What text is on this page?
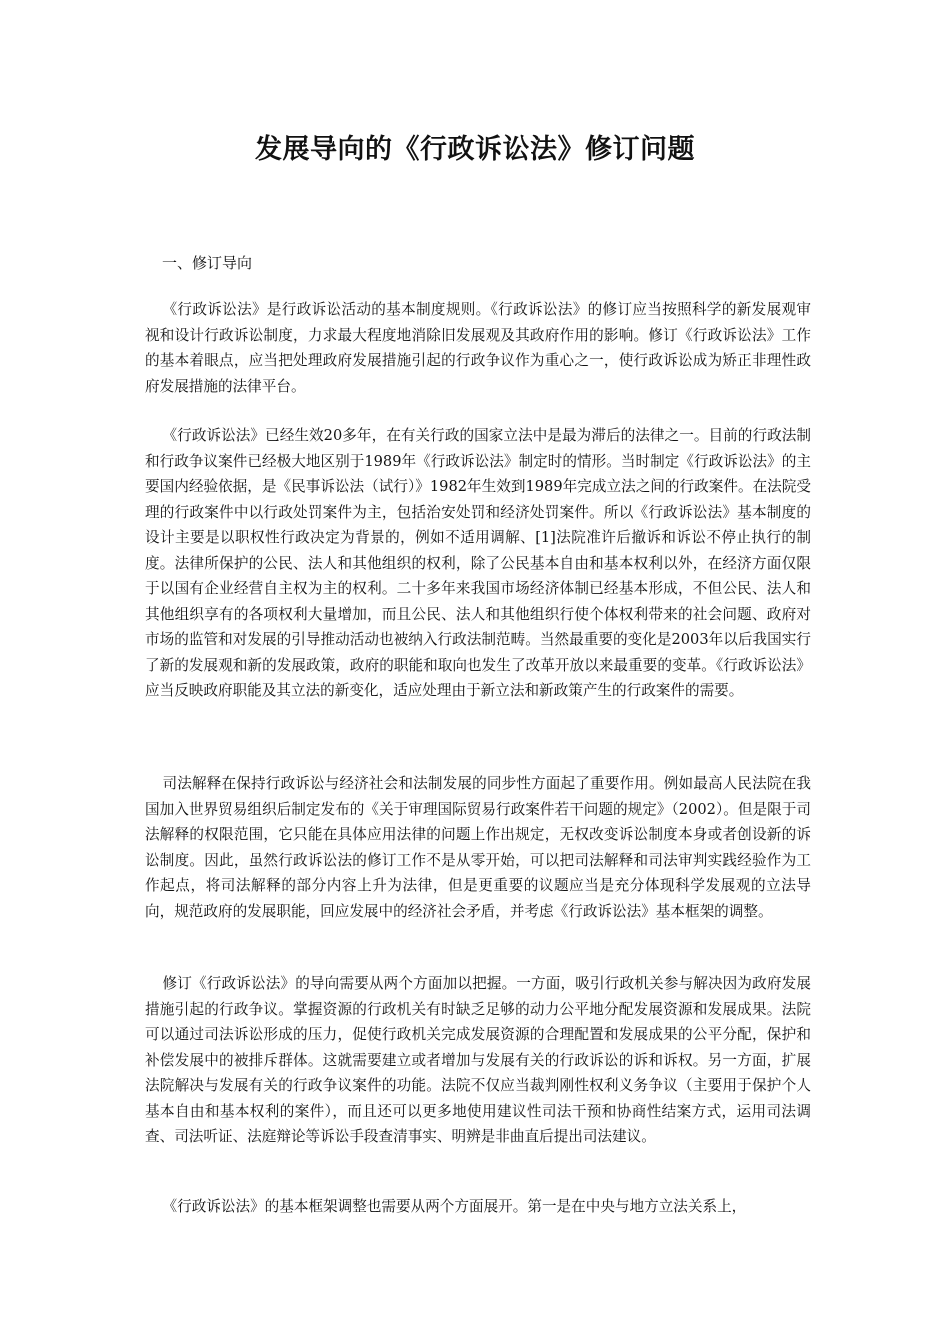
发展导向的《行政诉讼法》修订问题
一、修订导向

《行政诉讼法》是行政诉讼活动的基本制度规则。《行政诉讼法》的修订应当按照科学的新发展观审视和设计行政诉讼制度，力求最大程度地消除旧发展观及其政府作用的影响。修订《行政诉讼法》工作的基本着眼点，应当把处理政府发展措施引起的行政争议作为重心之一，使行政诉讼成为矫正非理性政府发展措施的法律平台。

《行政诉讼法》已经生效20多年，在有关行政的国家立法中是最为滞后的法律之一。目前的行政法制和行政争议案件已经极大地区别于1989年《行政诉讼法》制定时的情形。当时制定《行政诉讼法》的主要国内经验依据，是《民事诉讼法（试行）》1982年生效到1989年完成立法之间的行政案件。在法院受理的行政案件中以行政处罚案件为主，包括治安处罚和经济处罚案件。所以《行政诉讼法》基本制度的设计主要是以职权性行政决定为背景的，例如不适用调解、[1]法院准许后撤诉和诉讼不停止执行的制度。法律所保护的公民、法人和其他组织的权利，除了公民基本自由和基本权利以外，在经济方面仅限于以国有企业经营自主权为主的权利。二十多年来我国市场经济体制已经基本形成，不但公民、法人和其他组织享有的各项权利大量增加，而且公民、法人和其他组织行使个体权利带来的社会问题、政府对市场的监管和对发展的引导推动活动也被纳入行政法制范畴。当然最重要的变化是2003年以后我国实行了新的发展观和新的发展政策，政府的职能和取向也发生了改革开放以来最重要的变革。《行政诉讼法》应当反映政府职能及其立法的新变化，适应处理由于新立法和新政策产生的行政案件的需要。

司法解释在保持行政诉讼与经济社会和法制发展的同步性方面起了重要作用。例如最高人民法院在我国加入世界贸易组织后制定发布的《关于审理国际贸易行政案件若干问题的规定》（2002）。但是限于司法解释的权限范围，它只能在具体应用法律的问题上作出规定，无权改变诉讼制度本身或者创设新的诉讼制度。因此，虽然行政诉讼法的修订工作不是从零开始，可以把司法解释和司法审判实践经验作为工作起点，将司法解释的部分内容上升为法律，但是更重要的议题应当是充分体现科学发展观的立法导向，规范政府的发展职能，回应发展中的经济社会矛盾，并考虑《行政诉讼法》基本框架的调整。

修订《行政诉讼法》的导向需要从两个方面加以把握。一方面，吸引行政机关参与解决因为政府发展措施引起的行政争议。掌握资源的行政机关有时缺乏足够的动力公平地分配发展资源和发展成果。法院可以通过司法诉讼形成的压力，促使行政机关完成发展资源的合理配置和发展成果的公平分配，保护和补偿发展中的被排斥群体。这就需要建立或者增加与发展有关的行政诉讼的诉和诉权。另一方面，扩展法院解决与发展有关的行政争议案件的功能。法院不仅应当裁判刚性权利义务争议（主要用于保护个人基本自由和基本权利的案件），而且还可以更多地使用建议性司法干预和协商性结案方式，运用司法调查、司法听证、法庭辩论等诉讼手段查清事实、明辨是非曲直后提出司法建议。

《行政诉讼法》的基本框架调整也需要从两个方面展开。第一是在中央与地方立法关系上，
